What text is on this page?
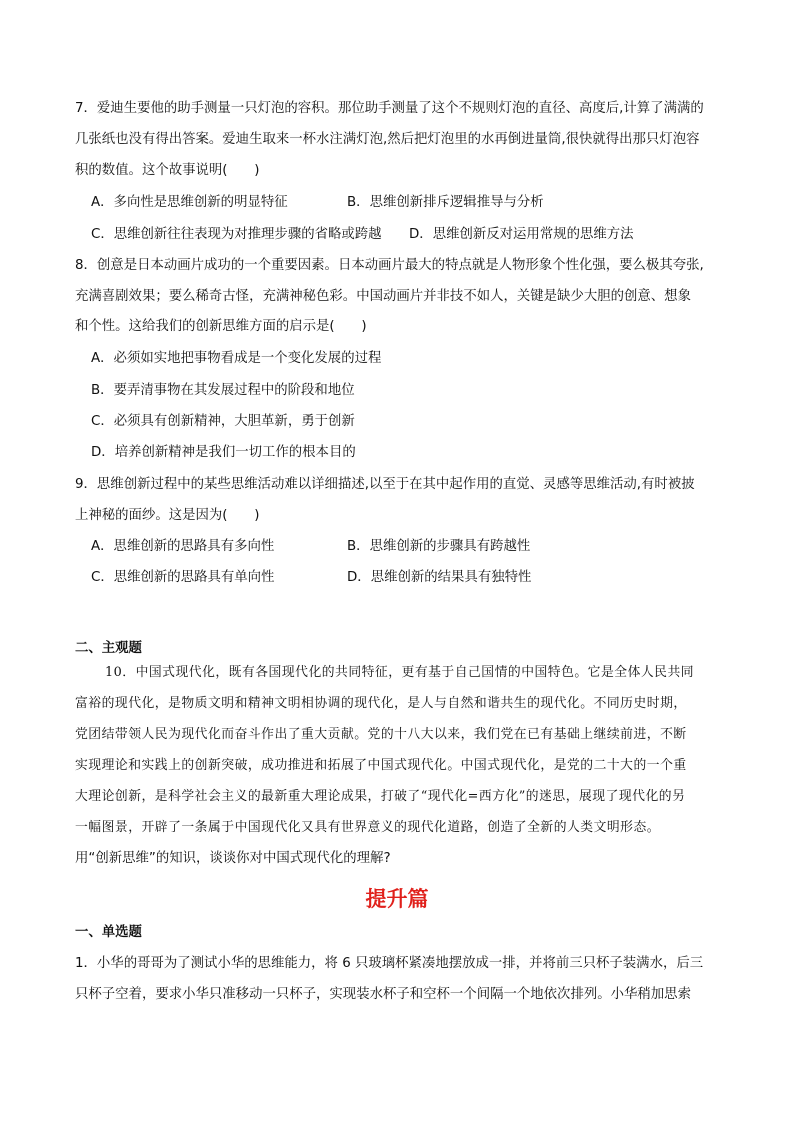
7．爱迪生要他的助手测量一只灯泡的容积。那位助手测量了这个不规则灯泡的直径、高度后,计算了满满的
几张纸也没有得出答案。爱迪生取来一杯水注满灯泡,然后把灯泡里的水再倒进量筒,很快就得出那只灯泡容
积的数值。这个故事说明(　　)
A．多向性是思维创新的明显特征	B．思维创新排斥逻辑推导与分析
C．思维创新往往表现为对推理步骤的省略或跨越 D．思维创新反对运用常规的思维方法
8．创意是日本动画片成功的一个重要因素。日本动画片最大的特点就是人物形象个性化强，要么极其夸张,
充满喜剧效果；要么稀奇古怪，充满神秘色彩。中国动画片并非技不如人，关键是缺少大胆的创意、想象
和个性。这给我们的创新思维方面的启示是(　　)
A．必须如实地把事物看成是一个变化发展的过程
B．要弄清事物在其发展过程中的阶段和地位
C．必须具有创新精神，大胆革新，勇于创新
D．培养创新精神是我们一切工作的根本目的
9．思维创新过程中的某些思维活动难以详细描述,以至于在其中起作用的直觉、灵感等思维活动,有时被披
上神秘的面纱。这是因为(　　)
A．思维创新的思路具有多向性	B．思维创新的步骤具有跨越性
C．思维创新的思路具有单向性	D．思维创新的结果具有独特性
二、主观题
10．中国式现代化，既有各国现代化的共同特征，更有基于自己国情的中国特色。它是全体人民共同
富裕的现代化，是物质文明和精神文明相协调的现代化，是人与自然和谐共生的现代化。不同历史时期，
党团结带领人民为现代化而奋斗作出了重大贡献。党的十八大以来，我们党在已有基础上继续前进，不断
实现理论和实践上的创新突破，成功推进和拓展了中国式现代化。中国式现代化，是党的二十大的一个重
大理论创新，是科学社会主义的最新重大理论成果，打破了“现代化=西方化”的迷思，展现了现代化的另
一幅图景，开辟了一条属于中国现代化又具有世界意义的现代化道路，创造了全新的人类文明形态。
用“创新思维”的知识，谈谈你对中国式现代化的理解?
提升篇
一、单选题
1．小华的哥哥为了测试小华的思维能力，将 6 只玻璃杯紧凑地摆放成一排，并将前三只杯子装满水，后三
只杯子空着，要求小华只准移动一只杯子，实现装水杯子和空杯一个间隔一个地依次排列。小华稍加思索
